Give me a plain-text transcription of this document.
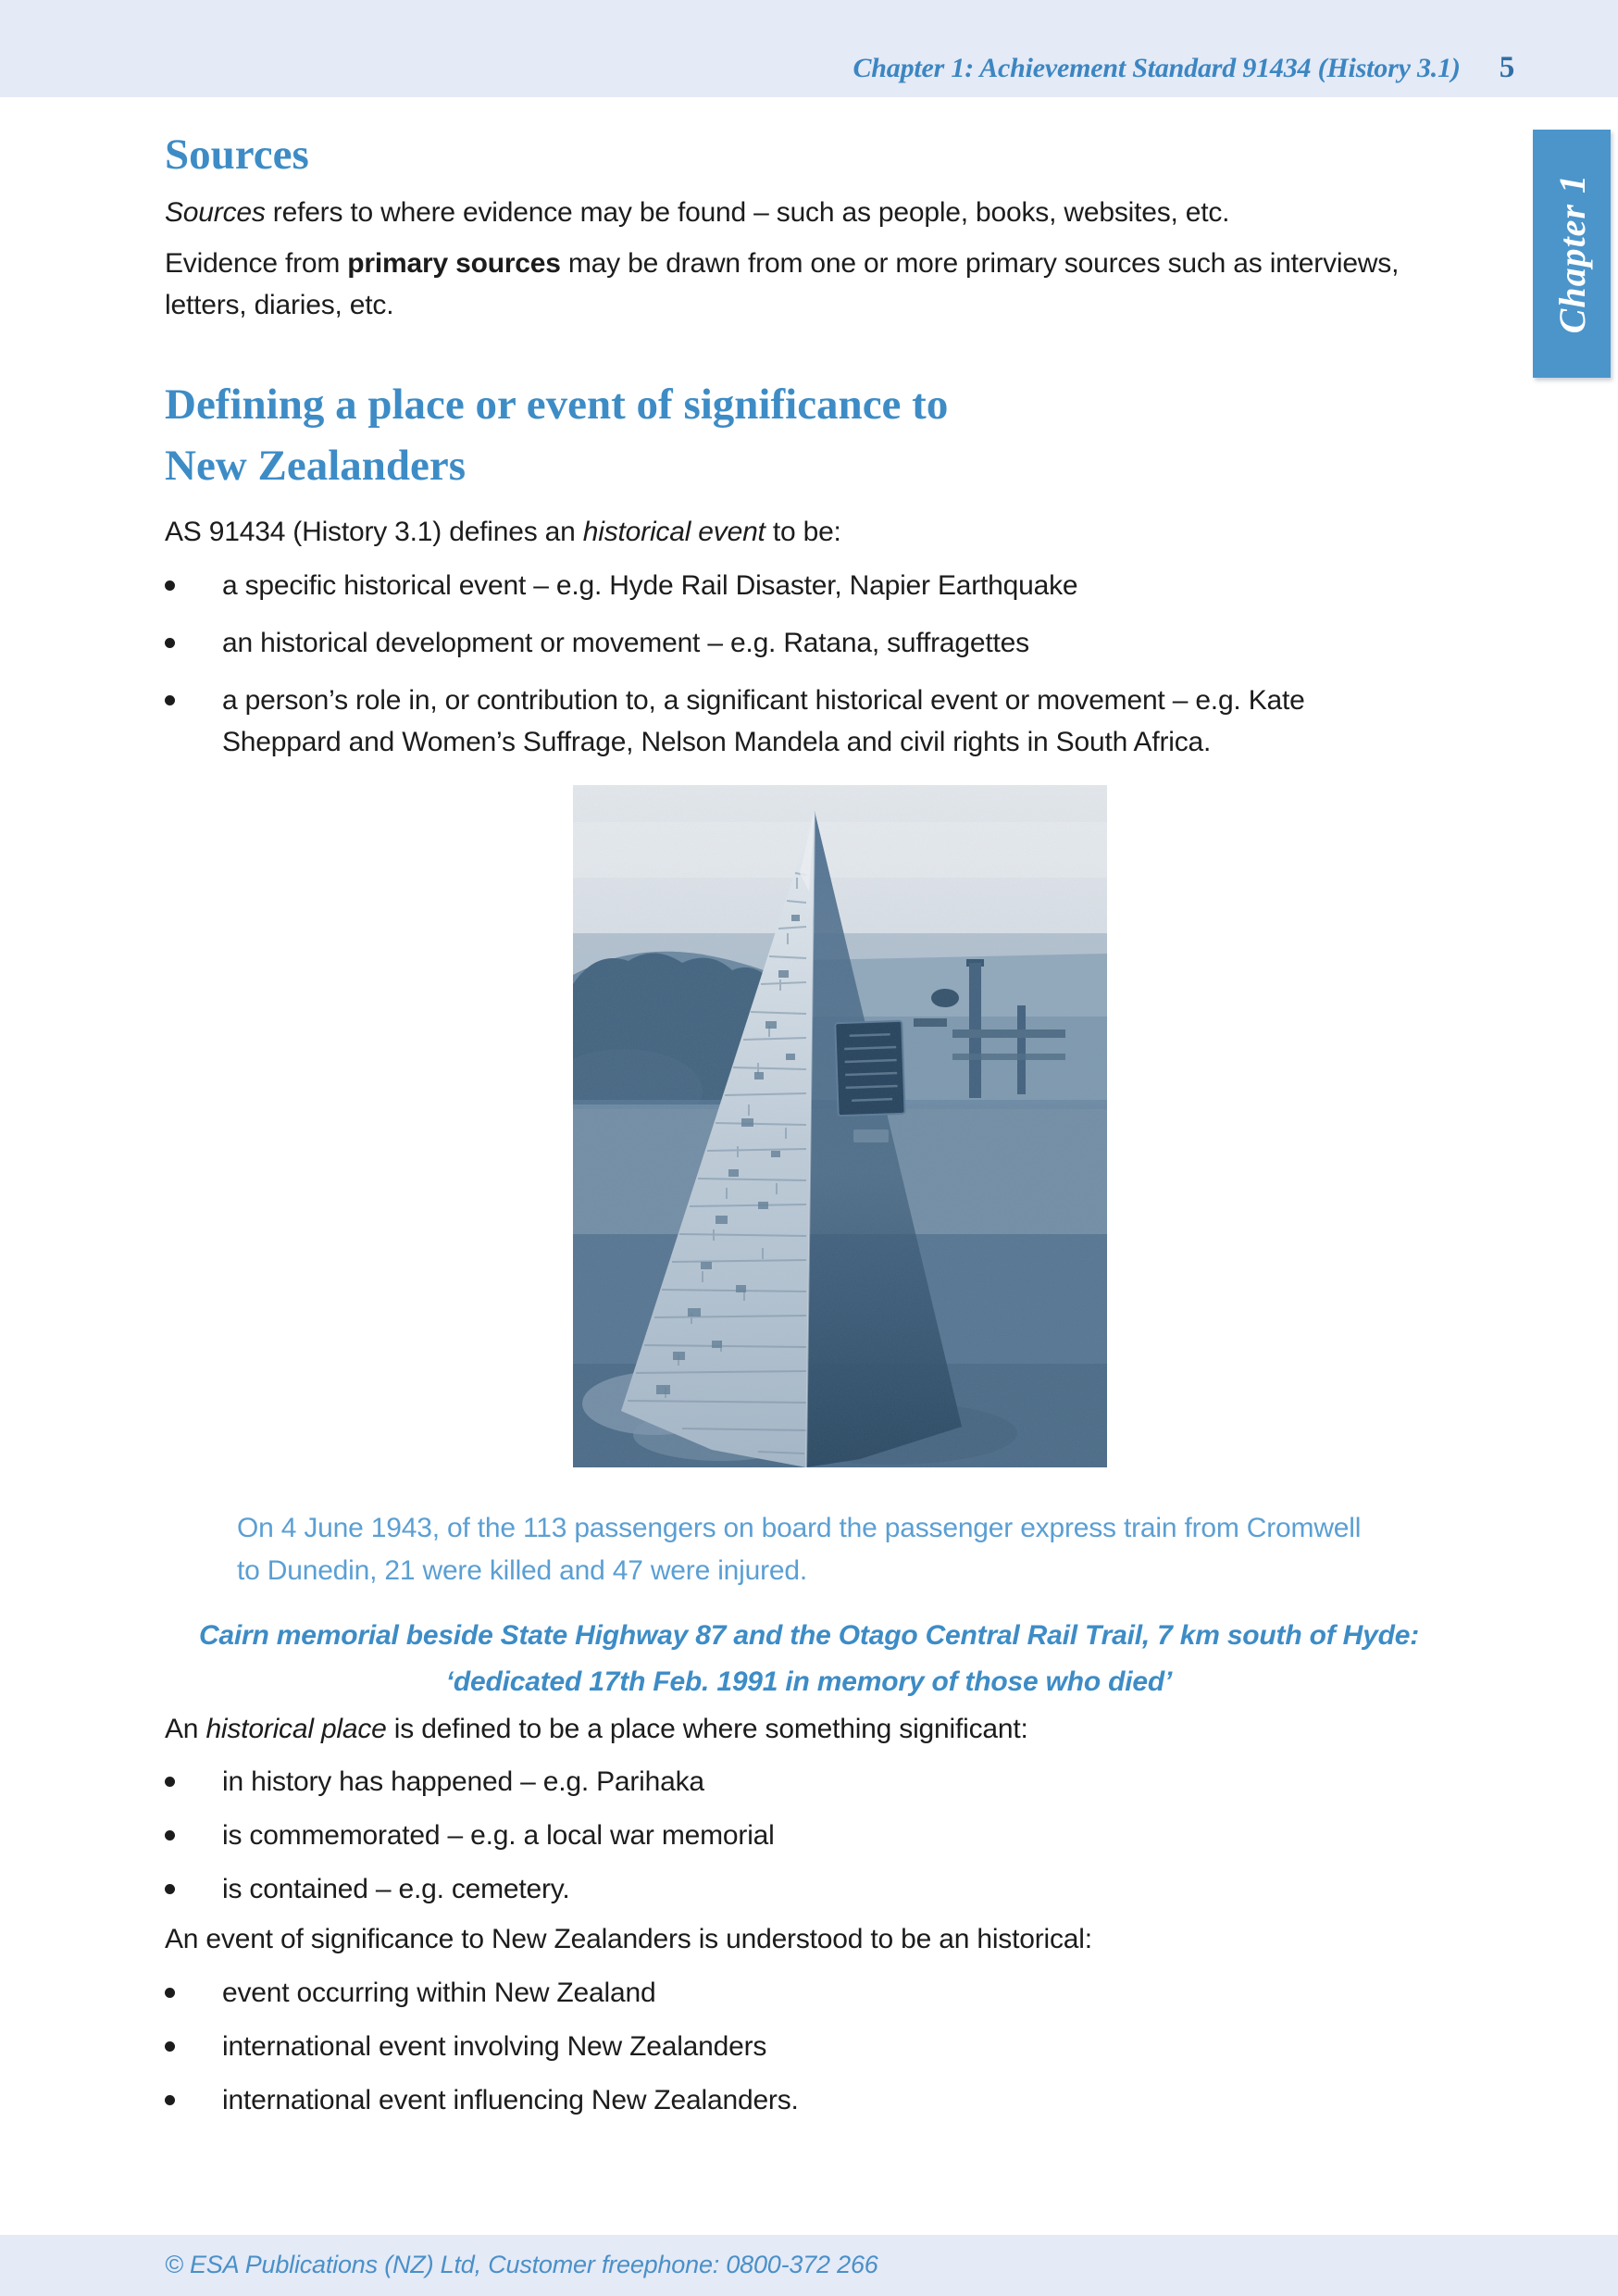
Chapter 1: Achievement Standard 91434 (History 3.1) 5
Chapter 1
Sources

Sources refers to where evidence may be found – such as people, books, websites, etc.

Evidence from primary sources may be drawn from one or more primary sources such as interviews, letters, diaries, etc.

Defining a place or event of significance to
New Zealanders

AS 91434 (History 3.1) defines an historical event to be:

a specific historical event – e.g. Hyde Rail Disaster, Napier Earthquake
an historical development or movement – e.g. Ratana, suffragettes
a person’s role in, or contribution to, a significant historical event or movement – e.g. Kate Sheppard and Women’s Suffrage, Nelson Mandela and civil rights in South Africa.

On 4 June 1943, of the 113 passengers on board the passenger express train from Cromwell to Dunedin, 21 were killed and 47 were injured.

Cairn memorial beside State Highway 87 and the Otago Central Rail Trail, 7 km south of Hyde: ‘dedicated 17th Feb. 1991 in memory of those who died’

An historical place is defined to be a place where something significant:

in history has happened – e.g. Parihaka
is commemorated – e.g. a local war memorial
is contained – e.g. cemetery.

An event of significance to New Zealanders is understood to be an historical:

event occurring within New Zealand
international event involving New Zealanders
international event influencing New Zealanders.
© ESA Publications (NZ) Ltd, Customer freephone: 0800-372 266
